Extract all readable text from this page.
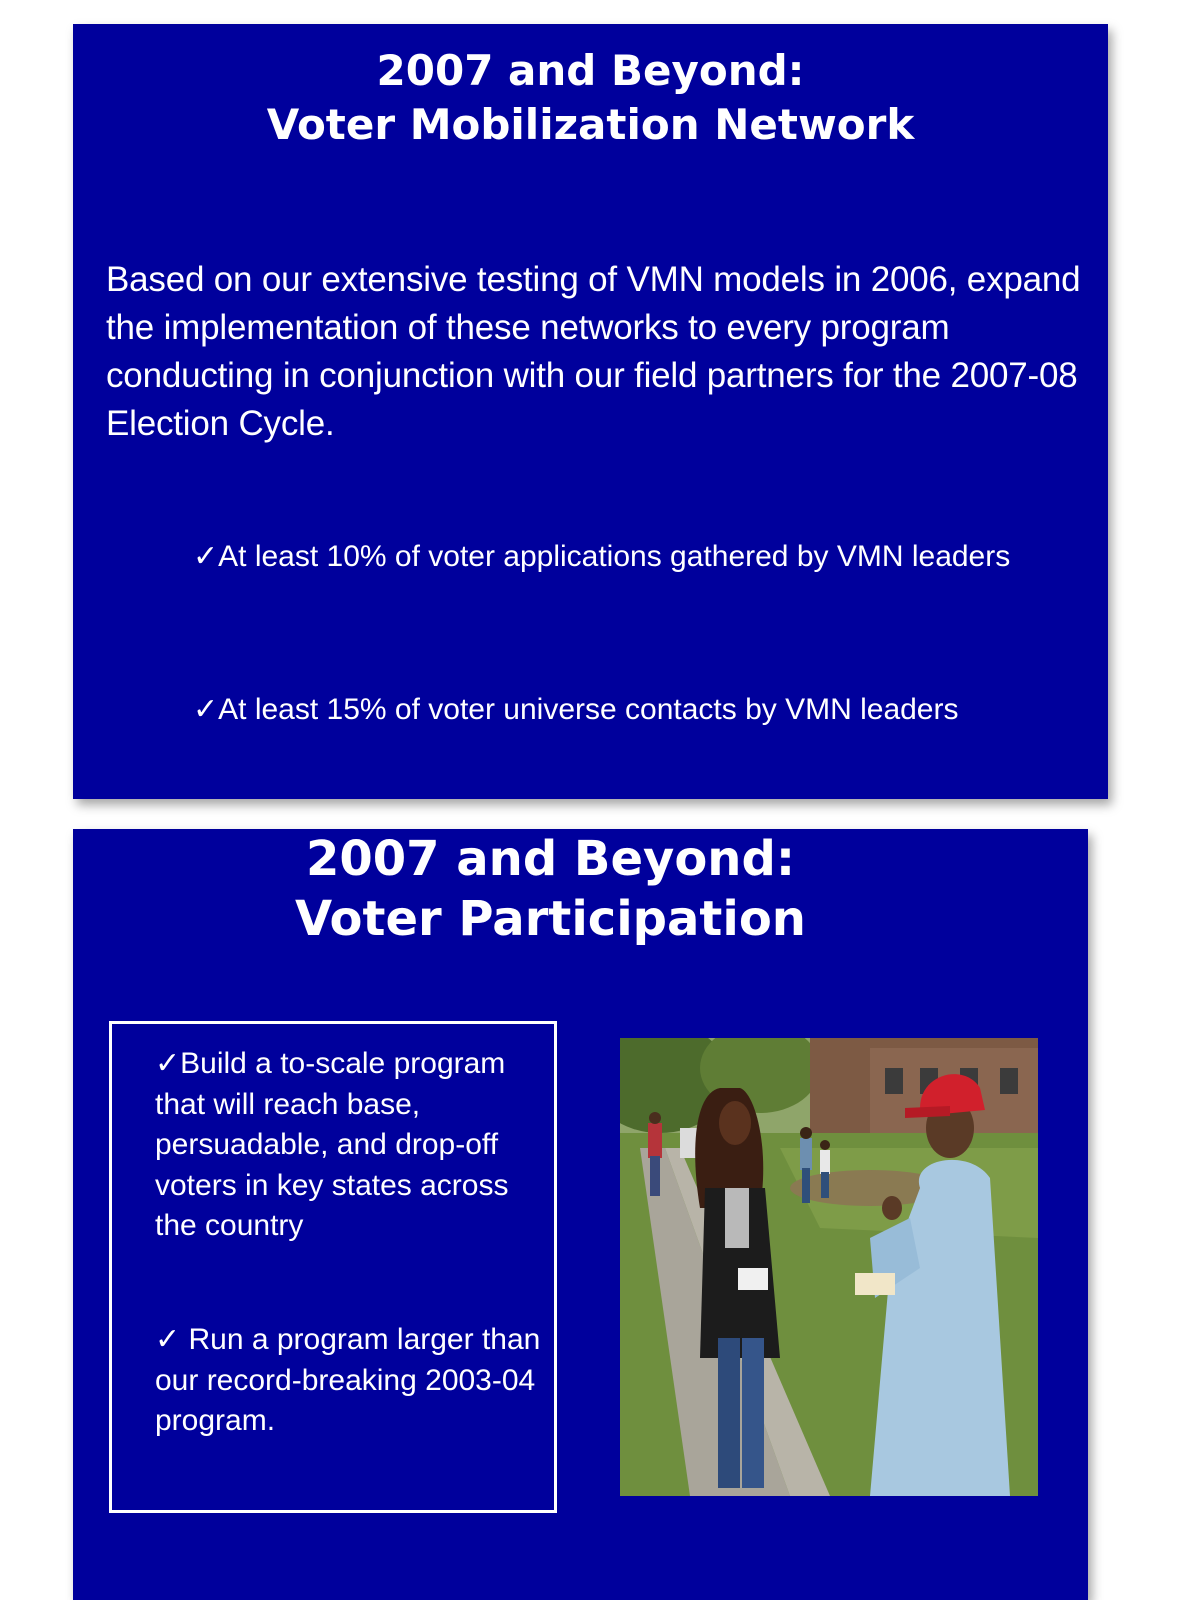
2007 and Beyond:
Voter Mobilization Network

Based on our extensive testing of VMN models in 2006, expand the implementation of these networks to every program conducting in conjunction with our field partners for the 2007-08 Election Cycle.

✓At least 10% of voter applications gathered by VMN leaders

✓At least 15% of voter universe contacts by VMN leaders

2007 and Beyond:
Voter Participation

✓Build a to-scale program that will reach base, persuadable, and drop-off voters in key states across the country

✓ Run a program larger than our record-breaking 2003-04 program.
